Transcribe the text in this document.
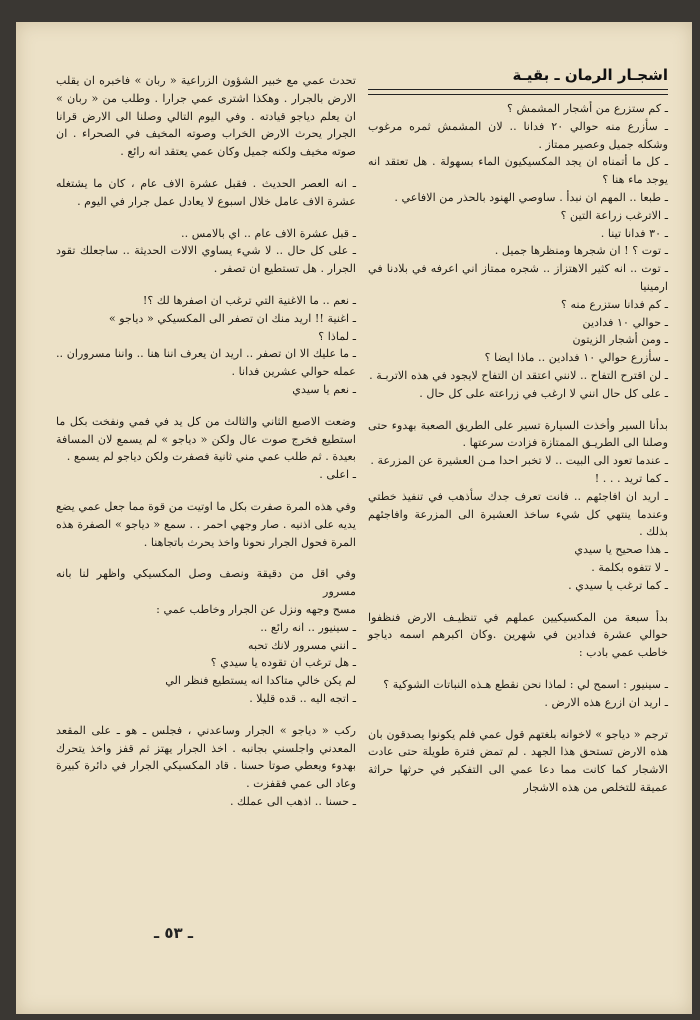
اشجـار الرمان ـ بقيـة

ـ كم ستزرع من أشجار المشمش ؟

ـ سأزرع منه حوالي ٢٠ فدانا .. لان المشمش ثمره مرغوب وشكله جميل وعصير ممتاز .

ـ كل ما أتمناه ان يجد المكسيكيون الماء بسهولة . هل تعتقد انه يوجد ماء هنا ؟

ـ طبعا .. المهم ان نبدأ . ساوصي الهنود بالحذر من الافاعي .

ـ الاترغب زراعة التين ؟

ـ ٣٠ فدانا تينا .

ـ توت ؟ ! ان شجرها ومنظرها جميل .

ـ توت .. انه كثير الاهتزاز .. شجره ممتاز اني اعرفه في بلادنا في ارمينيا

ـ كم فدانا ستزرع منه ؟

ـ حوالي ١٠ فدادين

ـ ومن أشجار الزيتون

ـ سأزرع حوالي ١٠ فدادين .. ماذا ايضا ؟

ـ لن اقترح التفاح .. لانني اعتقد ان التفاح لايجود في هذه الاتربـة .

ـ على كل حال انني لا ارغب في زراعته على كل حال .

بدأنا السير وأخذت السيارة تسير على الطريق الصعبة بهدوء حتى وصلنا الى الطريـق الممتازة فزادت سرعتها .

ـ عندما تعود الى البيت .. لا تخبر احدا مـن العشيرة عن المزرعة .

ـ كما تريد . . . !

ـ اريد ان افاجئهم .. فانت تعرف جدك سأذهب في تنفيذ خطتي وعندما ينتهي كل شيء ساخذ العشيرة الى المزرعة وافاجئهم بذلك .

ـ هذا صحيح يا سيدي

ـ لا تتفوه بكلمة .

ـ كما ترغب يا سيدي .

بدأ سبعة من المكسيكيين عملهم في تنظيـف الارض فنظفوا حوالي عشرة فدادين في شهرين .وكان اكبرهم اسمه دياجو خاطب عمي بادب :

ـ سينيور : اسمح لي : لماذا نحن نقطع هـذه النباتات الشوكية ؟

ـ اريد ان ازرع هذه الارض .

ترجم « دياجو » لاخوانه بلغتهم قول عمي فلم يكونوا يصدقون بان هذه الارض تستحق هذا الجهد . لم تمض فترة طويلة حتى عادت الاشجار كما كانت مما دعا عمي الى التفكير في حرثها حراثة عميقة للتخلص من هذه الاشجار

تحدث عمي مع خبير الشؤون الزراعية « ربان » فاخبره ان يقلب الارض بالجرار . وهكذا اشترى عمي جرارا . وطلب من « ربان » ان يعلم دياجو قيادته . وفي اليوم التالي وصلنا الى الارض قرانا الجرار يحرث الارض الخراب وصوته المخيف في الصحراء . ان صوته مخيف ولكنه جميل وكان عمي يعتقد انه رائع .

ـ انه العصر الحديث . فقبل عشرة الاف عام ، كان ما يشتغله عشرة الاف عامل خلال اسبوع لا يعادل عمل جرار في اليوم .

ـ قبل عشرة الاف عام .. اي بالامس ..

ـ على كل حال .. لا شيء يساوي الالات الحديثة .. ساجعلك تقود الجرار . هل تستطيع ان تصفر .

ـ نعم .. ما الاغنية التي ترغب ان اصفرها لك ؟!

ـ اغنية !! اريد منك ان تصفر الى المكسيكي « دياجو »

ـ لماذا ؟

ـ ما عليك الا ان تصفر .. اريد ان يعرف اننا هنا .. واننا مسروران .. عمله حوالي عشرين فدانا .

ـ نعم يا سيدي

وضعت الاصبع الثاني والثالث من كل يد في فمي ونفخت بكل ما استطيع فخرج صوت عال ولكن « دياجو » لم يسمع لان المسافة بعيدة . ثم طلب عمي مني ثانية فصفرت ولكن دياجو لم يسمع .

ـ اعلى .

وفي هذه المرة صفرت بكل ما اوتيت من قوة مما جعل عمي يضع يديه على اذنيه . صار وجهي احمر . . سمع « دياجو » الصفرة هذه المرة فحول الجرار نحونا واخذ يحرث باتجاهنا .

وفي اقل من دقيقة ونصف وصل المكسيكي واظهر لنا بانه مسرور

مسح وجهه ونزل عن الجرار وخاطب عمي :

ـ سينيور .. انه رائع ..

ـ انني مسرور لانك تحبه

ـ هل ترغب ان تقوده يا سيدي ؟

لم يكن خالي متاكدا انه يستطيع فنظر الي

ـ اتجه اليه .. قده قليلا .

ركب « دياجو » الجرار وساعدني ، فجلس ـ هو ـ على المقعد المعدني واجلسني بجانبه . اخذ الجرار يهتز ثم قفز واخذ يتحرك بهدوء ويعطي صوتا حسنا . قاد المكسيكي الجرار في دائرة كبيرة وعاد الى عمي فقفزت .

ـ حسنا .. اذهب الى عملك .

ـ ٥٣ ـ
